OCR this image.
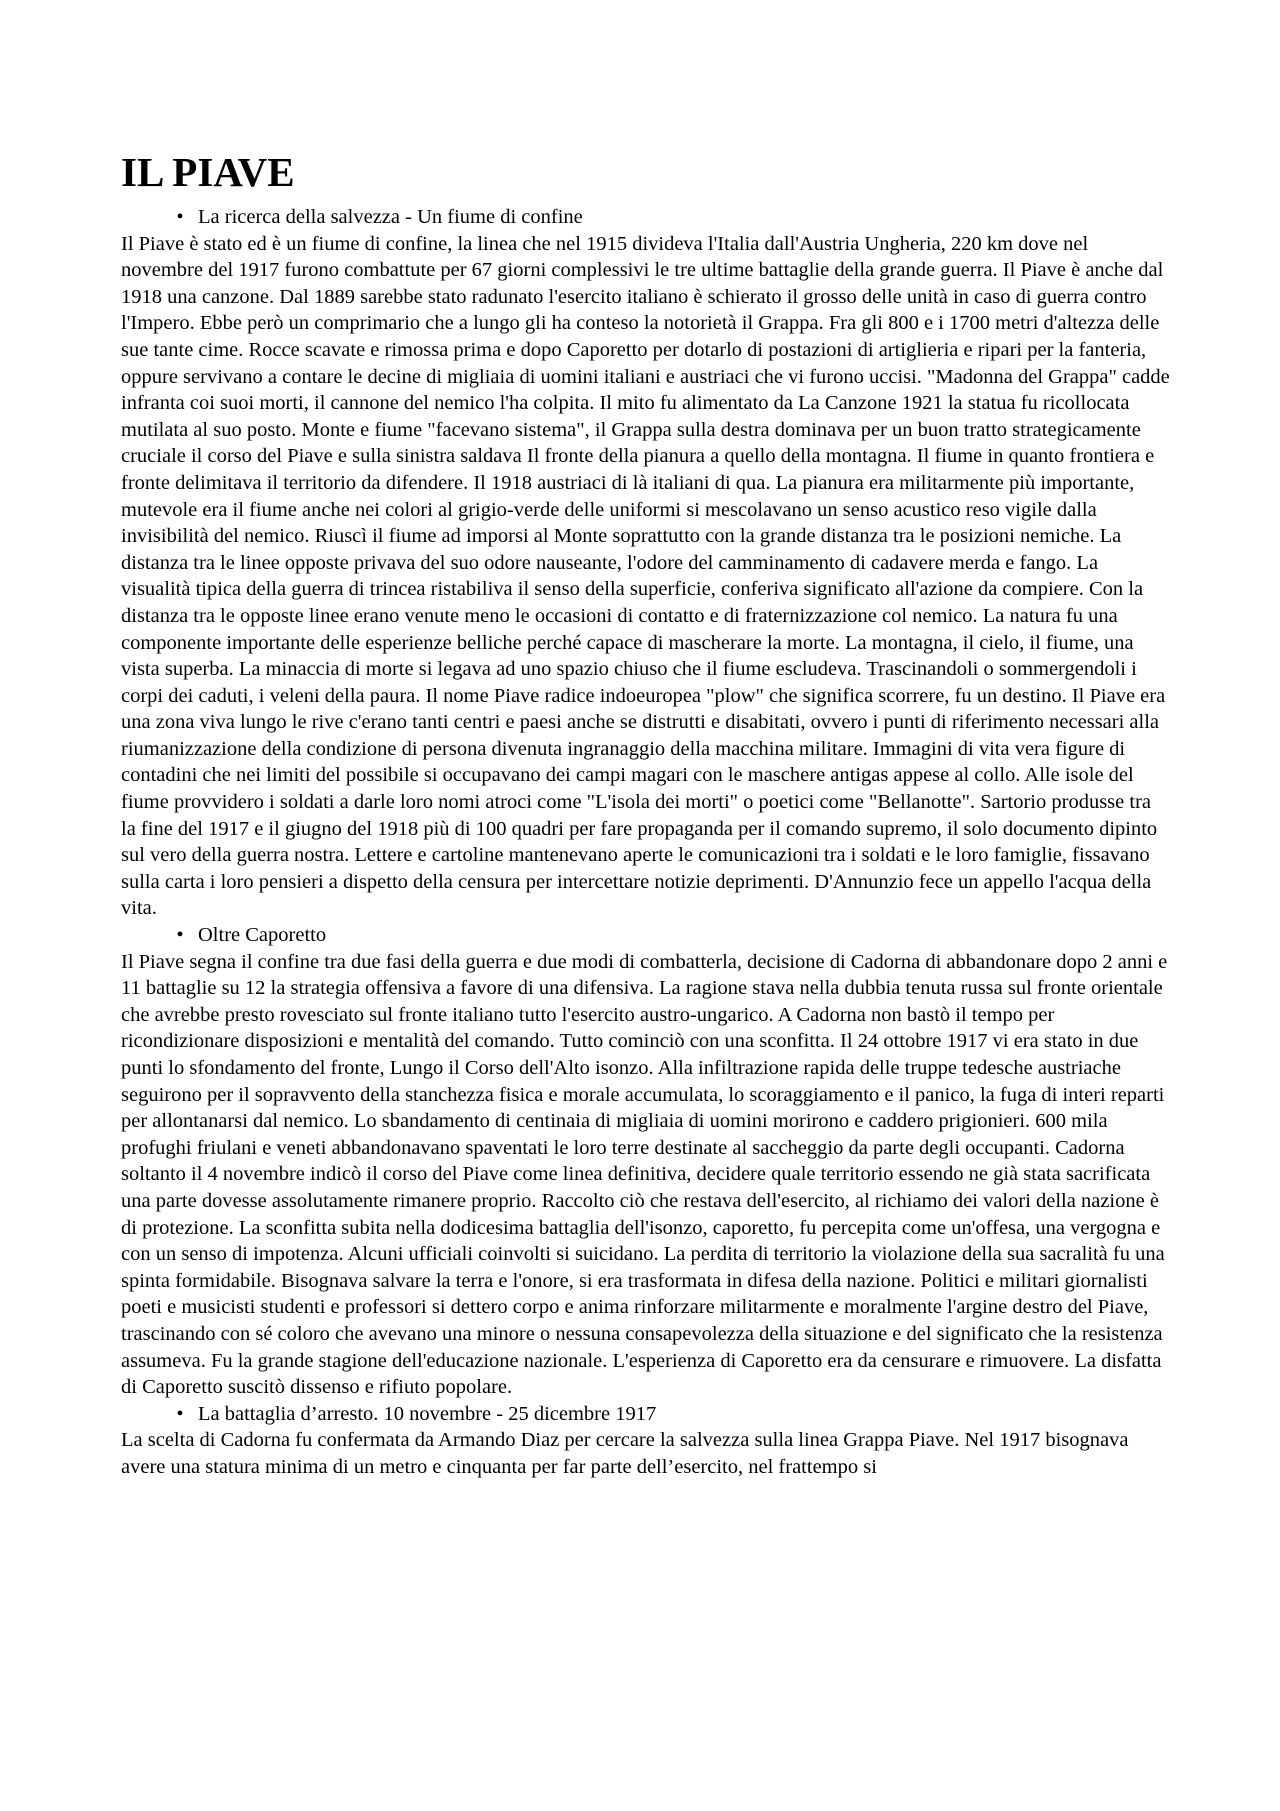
IL PIAVE
• La ricerca della salvezza - Un fiume di confine

Il Piave è stato ed è un fiume di confine, la linea che nel 1915 divideva l'Italia dall'Austria Ungheria, 220 km dove nel novembre del 1917 furono combattute per 67 giorni complessivi le tre ultime battaglie della grande guerra. Il Piave è anche dal 1918 una canzone. Dal 1889 sarebbe stato radunato l'esercito italiano è schierato il grosso delle unità in caso di guerra contro l'Impero. Ebbe però un comprimario che a lungo gli ha conteso la notorietà il Grappa. Fra gli 800 e i 1700 metri d'altezza delle sue tante cime. Rocce scavate e rimossa prima e dopo Caporetto per dotarlo di postazioni di artiglieria e ripari per la fanteria, oppure servivano a contare le decine di migliaia di uomini italiani e austriaci che vi furono uccisi. "Madonna del Grappa" cadde infranta coi suoi morti, il cannone del nemico l'ha colpita. Il mito fu alimentato da La Canzone 1921 la statua fu ricollocata mutilata al suo posto. Monte e fiume "facevano sistema", il Grappa sulla destra dominava per un buon tratto strategicamente cruciale il corso del Piave e sulla sinistra saldava Il fronte della pianura a quello della montagna. Il fiume in quanto frontiera e fronte delimitava il territorio da difendere. Il 1918 austriaci di là italiani di qua. La pianura era militarmente più importante, mutevole era il fiume anche nei colori al grigio-verde delle uniformi si mescolavano un senso acustico reso vigile dalla invisibilità del nemico. Riuscì il fiume ad imporsi al Monte soprattutto con la grande distanza tra le posizioni nemiche. La distanza tra le linee opposte privava del suo odore nauseante, l'odore del camminamento di cadavere merda e fango. La visualità tipica della guerra di trincea ristabiliva il senso della superficie, conferiva significato all'azione da compiere. Con la distanza tra le opposte linee erano venute meno le occasioni di contatto e di fraternizzazione col nemico. La natura fu una componente importante delle esperienze belliche perché capace di mascherare la morte. La montagna, il cielo, il fiume, una vista superba. La minaccia di morte si legava ad uno spazio chiuso che il fiume escludeva. Trascinandoli o sommergendoli i corpi dei caduti, i veleni della paura. Il nome Piave radice indoeuropea "plow" che significa scorrere, fu un destino. Il Piave era una zona viva lungo le rive c'erano tanti centri e paesi anche se distrutti e disabitati, ovvero i punti di riferimento necessari alla riumanizzazione della condizione di persona divenuta ingranaggio della macchina militare. Immagini di vita vera figure di contadini che nei limiti del possibile si occupavano dei campi magari con le maschere antigas appese al collo. Alle isole del fiume provvidero i soldati a darle loro nomi atroci come "L'isola dei morti" o poetici come "Bellanotte". Sartorio produsse tra la fine del 1917 e il giugno del 1918 più di 100 quadri per fare propaganda per il comando supremo, il solo documento dipinto sul vero della guerra nostra. Lettere e cartoline mantenevano aperte le comunicazioni tra i soldati e le loro famiglie, fissavano sulla carta i loro pensieri a dispetto della censura per intercettare notizie deprimenti. D'Annunzio fece un appello l'acqua della vita.

• Oltre Caporetto

Il Piave segna il confine tra due fasi della guerra e due modi di combatterla, decisione di Cadorna di abbandonare dopo 2 anni e 11 battaglie su 12 la strategia offensiva a favore di una difensiva. La ragione stava nella dubbia tenuta russa sul fronte orientale che avrebbe presto rovesciato sul fronte italiano tutto l'esercito austro-ungarico. A Cadorna non bastò il tempo per ricondizionare disposizioni e mentalità del comando. Tutto cominciò con una sconfitta. Il 24 ottobre 1917 vi era stato in due punti lo sfondamento del fronte, Lungo il Corso dell'Alto isonzo. Alla infiltrazione rapida delle truppe tedesche austriache seguirono per il sopravvento della stanchezza fisica e morale accumulata, lo scoraggiamento e il panico, la fuga di interi reparti per allontanarsi dal nemico. Lo sbandamento di centinaia di migliaia di uomini morirono e caddero prigionieri. 600 mila profughi friulani e veneti abbandonavano spaventati le loro terre destinate al saccheggio da parte degli occupanti. Cadorna soltanto il 4 novembre indicò il corso del Piave come linea definitiva, decidere quale territorio essendo ne già stata sacrificata una parte dovesse assolutamente rimanere proprio. Raccolto ciò che restava dell'esercito, al richiamo dei valori della nazione è di protezione. La sconfitta subita nella dodicesima battaglia dell'isonzo, caporetto, fu percepita come un'offesa, una vergogna e con un senso di impotenza. Alcuni ufficiali coinvolti si suicidano. La perdita di territorio la violazione della sua sacralità fu una spinta formidabile. Bisognava salvare la terra e l'onore, si era trasformata in difesa della nazione. Politici e militari giornalisti poeti e musicisti studenti e professori si dettero corpo e anima rinforzare militarmente e moralmente l'argine destro del Piave, trascinando con sé coloro che avevano una minore o nessuna consapevolezza della situazione e del significato che la resistenza assumeva. Fu la grande stagione dell'educazione nazionale. L'esperienza di Caporetto era da censurare e rimuovere. La disfatta di Caporetto suscitò dissenso e rifiuto popolare.

• La battaglia d’arresto. 10 novembre - 25 dicembre 1917

La scelta di Cadorna fu confermata da Armando Diaz per cercare la salvezza sulla linea Grappa Piave. Nel 1917 bisognava avere una statura minima di un metro e cinquanta per far parte dell’esercito, nel frattempo si
